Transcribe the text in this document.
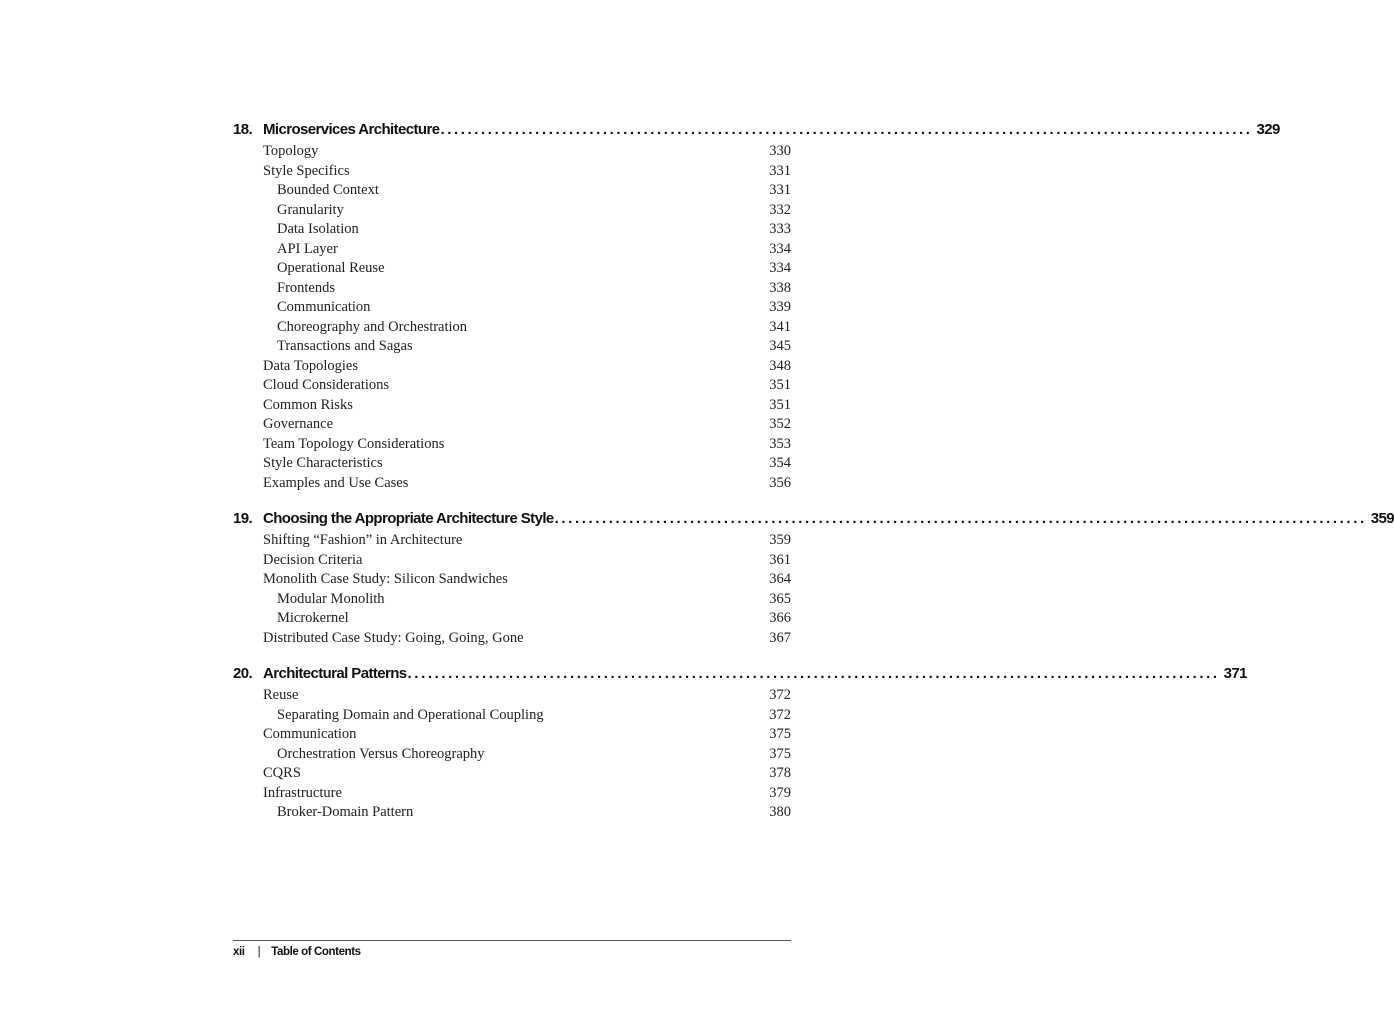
18. Microservices Architecture ........................................................................................................................ 329
Topology	330
Style Specifics	331
Bounded Context	331
Granularity	332
Data Isolation	333
API Layer	334
Operational Reuse	334
Frontends	338
Communication	339
Choreography and Orchestration	341
Transactions and Sagas	345
Data Topologies	348
Cloud Considerations	351
Common Risks	351
Governance	352
Team Topology Considerations	353
Style Characteristics	354
Examples and Use Cases	356
19. Choosing the Appropriate Architecture Style ........................................................................................................................ 359
Shifting “Fashion” in Architecture	359
Decision Criteria	361
Monolith Case Study: Silicon Sandwiches	364
Modular Monolith	365
Microkernel	366
Distributed Case Study: Going, Going, Gone	367
20. Architectural Patterns ........................................................................................................................ 371
Reuse	372
Separating Domain and Operational Coupling	372
Communication	375
Orchestration Versus Choreography	375
CQRS	378
Infrastructure	379
Broker-Domain Pattern	380
xii | Table of Contents
